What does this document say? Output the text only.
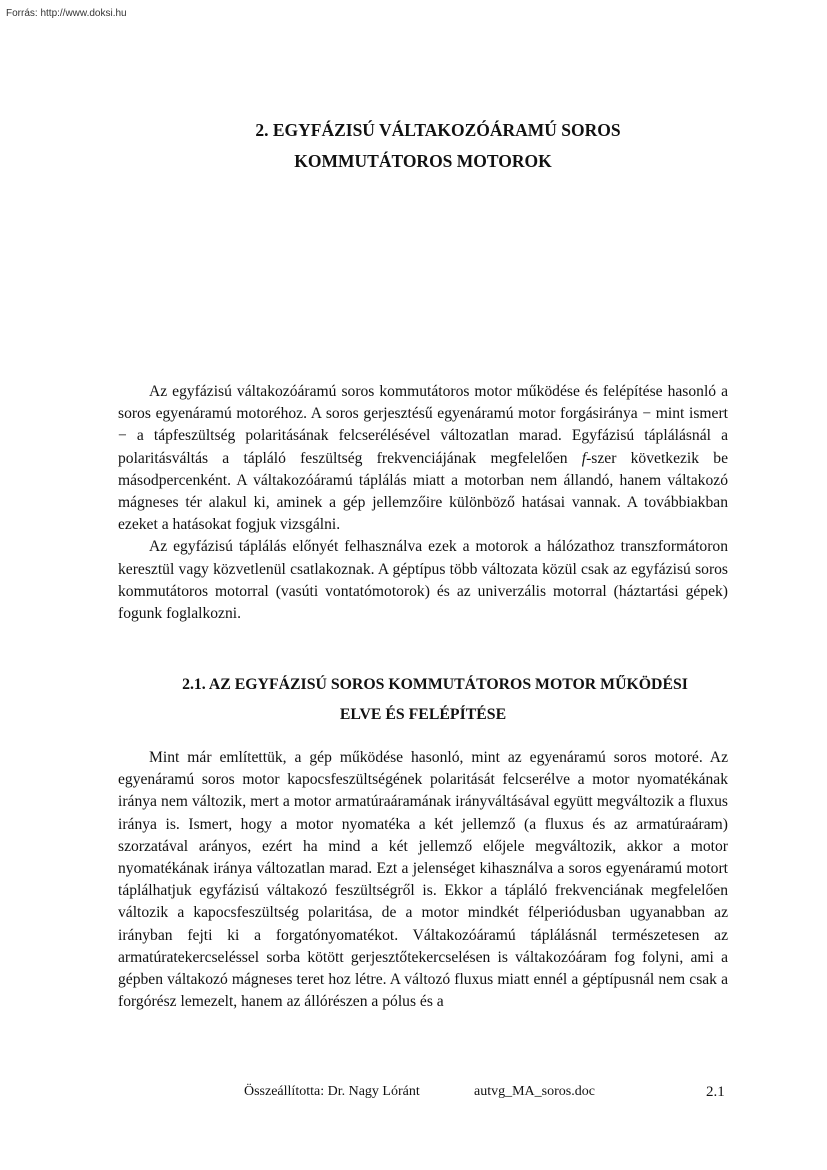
Forrás: http://www.doksi.hu
2. EGYFÁZISÚ VÁLTAKOZÓÁRAMÚ SOROS
KOMMUTÁTOROS MOTOROK

Az egyfázisú váltakozóáramú soros kommutátoros motor működése és felépítése hasonló a soros egyenáramú motoréhoz. A soros gerjesztésű egyenáramú motor forgásiránya − mint ismert − a tápfeszültség polaritásának felcserélésével változatlan marad. Egyfázisú táplálásnál a polaritásváltás a tápláló feszültség frekvenciájának megfelelően f-szer következik be másodpercenként. A váltakozóáramú táplálás miatt a motorban nem állandó, hanem váltakozó mágneses tér alakul ki, aminek a gép jellemzőire különböző hatásai vannak. A továbbiakban ezeket a hatásokat fogjuk vizsgálni.

Az egyfázisú táplálás előnyét felhasználva ezek a motorok a hálózathoz transzformátoron keresztül vagy közvetlenül csatlakoznak. A géptípus több változata közül csak az egyfázisú soros kommutátoros motorral (vasúti vontatómotorok) és az univerzális motorral (háztartási gépek) fogunk foglalkozni.

2.1. AZ EGYFÁZISÚ SOROS KOMMUTÁTOROS MOTOR MŰKÖDÉSI
ELVE ÉS FELÉPÍTÉSE

Mint már említettük, a gép működése hasonló, mint az egyenáramú soros motoré. Az egyenáramú soros motor kapocsfeszültségének polaritását felcserélve a motor nyomatékának iránya nem változik, mert a motor armatúraáramának irányváltásával együtt megváltozik a fluxus iránya is. Ismert, hogy a motor nyomatéka a két jellemző (a fluxus és az armatúraáram) szorzatával arányos, ezért ha mind a két jellemző előjele megváltozik, akkor a motor nyomatékának iránya változatlan marad. Ezt a jelenséget kihasználva a soros egyenáramú motort táplálhatjuk egyfázisú váltakozó feszültségről is. Ekkor a tápláló frekvenciának megfelelően változik a kapocsfeszültség polaritása, de a motor mindkét félperiódusban ugyanabban az irányban fejti ki a forgatónyomatékot. Váltakozóáramú táplálásnál természetesen az armatúratekercseléssel sorba kötött gerjesztőtekercselésen is váltakozóáram fog folyni, ami a gépben váltakozó mágneses teret hoz létre. A változó fluxus miatt ennél a géptípusnál nem csak a forgórész lemezelt, hanem az állórészen a pólus és a

Összeállította: Dr. Nagy Lóránt	autvg_MA_soros.doc	2.1
